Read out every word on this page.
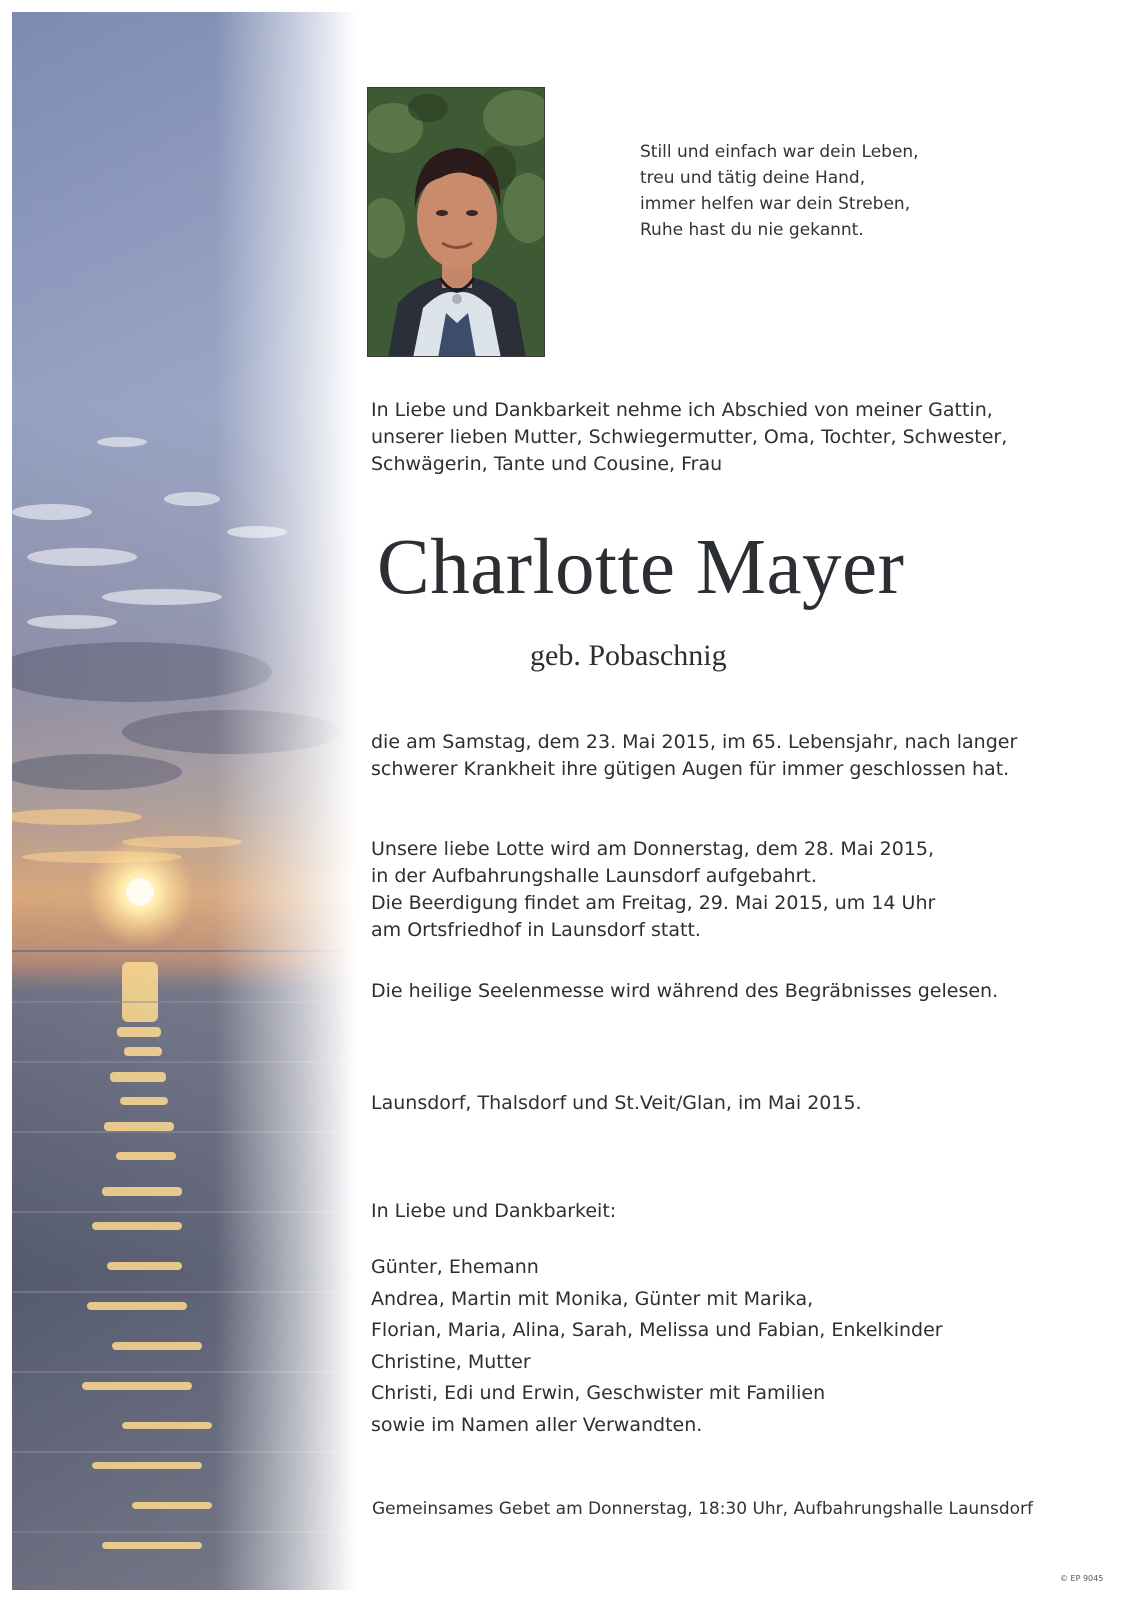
Still und einfach war dein Leben,
treu und tätig deine Hand,
immer helfen war dein Streben,
Ruhe hast du nie gekannt.
In Liebe und Dankbarkeit nehme ich Abschied von meiner Gattin,
unserer lieben Mutter, Schwiegermutter, Oma, Tochter, Schwester,
Schwägerin, Tante und Cousine, Frau
Charlotte Mayer
geb. Pobaschnig
die am Samstag, dem 23. Mai 2015, im 65. Lebensjahr, nach langer
schwerer Krankheit ihre gütigen Augen für immer geschlossen hat.
Unsere liebe Lotte wird am Donnerstag, dem 28. Mai 2015,
in der Aufbahrungshalle Launsdorf aufgebahrt.
Die Beerdigung findet am Freitag, 29. Mai 2015, um 14 Uhr
am Ortsfriedhof in Launsdorf statt.
Die heilige Seelenmesse wird während des Begräbnisses gelesen.
Launsdorf, Thalsdorf und St.Veit/Glan, im Mai 2015.
In Liebe und Dankbarkeit:
Günter, Ehemann
Andrea, Martin mit Monika, Günter mit Marika,
Florian, Maria, Alina, Sarah, Melissa und Fabian, Enkelkinder
Christine, Mutter
Christi, Edi und Erwin, Geschwister mit Familien
sowie im Namen aller Verwandten.
Gemeinsames Gebet am Donnerstag, 18:30 Uhr, Aufbahrungshalle Launsdorf
© EP 9045
